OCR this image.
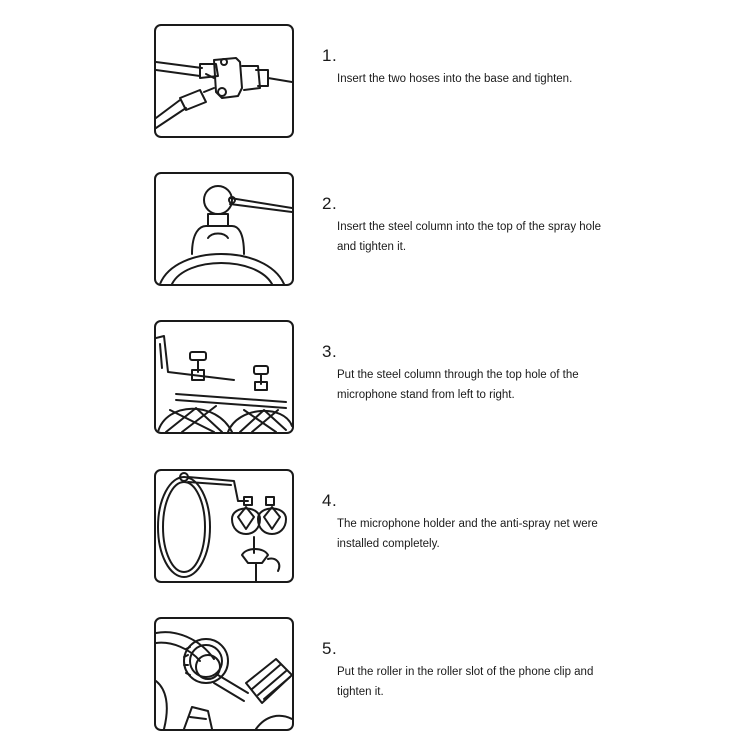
1.
Insert the two hoses into the base and tighten.
2.
Insert the steel column into the top of the spray hole and tighten it.
3.
Put the steel column through the top hole of the microphone stand from left to right.
4.
The microphone holder and the anti-spray net were installed completely.
5.
Put the roller in the roller slot of the phone clip and tighten it.
